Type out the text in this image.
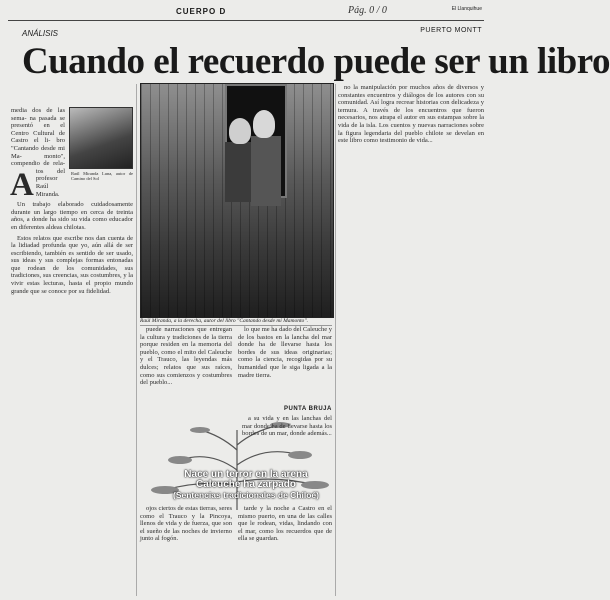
CUERPO D	Pág. 0 / 0	El Llanquihue
ANÁLISIS	PUERTO MONTT
Cuando el recuerdo puede ser un libro
Raúl Miranda Luna, autor de Camino del Sol

A
media dos de las sema- na pasada se presentó en el Centro Cultural de Castro el li- bro "Cantando desde mi Ma- monto", compendio de rela- tos del profesor Raúl Miranda.

Un trabajo elaborado cuidadosamente durante un largo tiempo en cerca de treinta años, a donde ha sido su vida como educador en diferentes aldeas chilotas.

Estos relatos que escribe nos dan cuenta de la lidiadad profunda que yo, aún allá de ser escribiendo, también es sentido de ser usado, sus ideas y sus complejas formas entonadas que rodean de los comunidades, sus tradiciones, sus creencias, sus costumbres, y la vivir estas lecturas, hasta el propio mundo grande que se conoce por su fidelidad.

Raúl Miranda, a la derecha, autor del libro "Cantando desde mi Mamonto".

puede narraciones que entregan la cultura y tradiciones de la tierra porque residen en la memoria del pueblo, como el mito del Caleuche y el Trauco, las leyendas más dulces; relatos que sus raíces, como sus comienzos y costumbres del pueblo...

lo que me ha dado del Caleuche y de los bastos en la lancha del mar donde ha de llevarse hasta los bordes de sus ideas originarias; como la ciencia, recogidas por su humanidad que le siga ligada a la madre tierra.

PUNTA BRUJA

a su vida y en las lanchas del mar donde ha de llevarse hasta los bordes de un mar, donde además...

Nace un terror en la arena
Caleuche ha zarpado
(Sentencias tradicionales de Chiloé)

ojos ciertos de estas tierras, seres como el Trauco y la Pincoya, llenos de vida y de fuerza, que son el sueño de las noches de invierno junto al fogón.

tarde y la noche a Castro en el mismo puerto, en una de las calles que le rodean, vidas, lindando con el mar, como los recuerdos que de ella se guardan.

no la manipulación por muchos años de diversos y constantes encuentros y diálogos de los autores con su comunidad. Así logra recrear historias con delicadeza y ternura. A través de los encuentros que fueron necesarios, nos atrapa el autor en sus estampas sobre la vida de la isla. Los cuentos y nuevas narraciones sobre la figura legendaria del pueblo chilote se develan en este libro como testimonio de vida...
